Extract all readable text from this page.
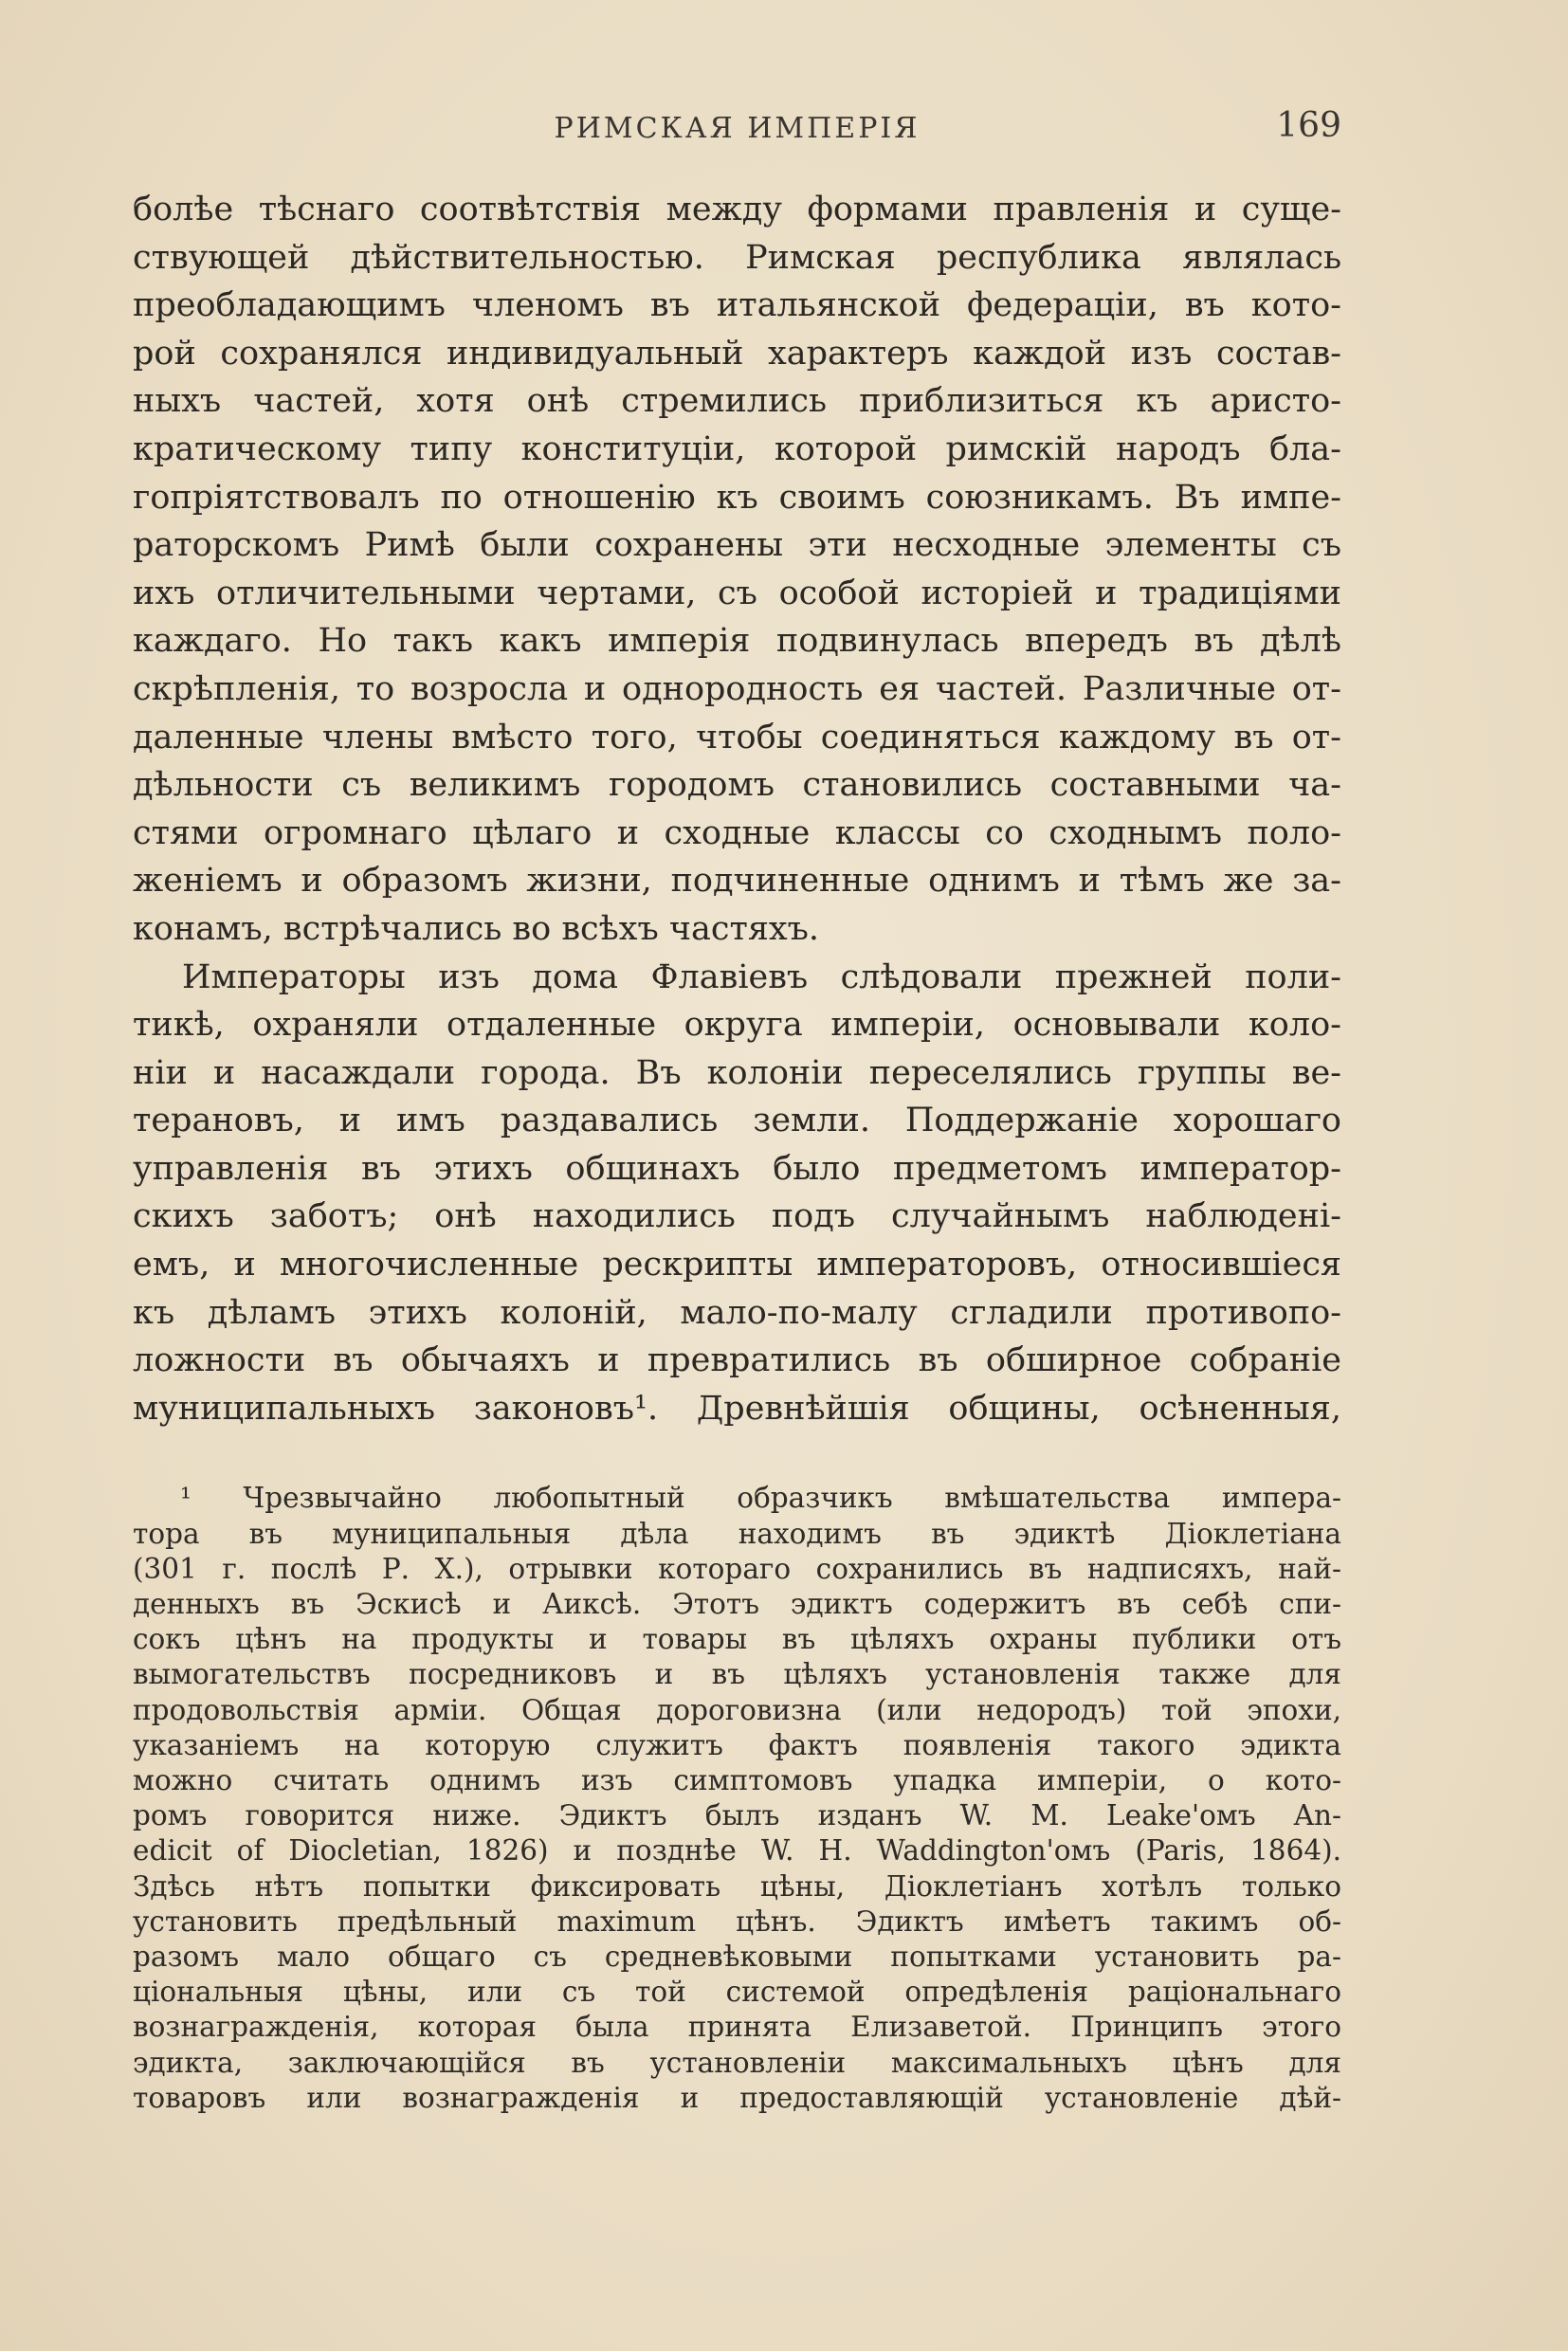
РИМСКАЯ ИМПЕРІЯ	169

болѣе тѣснаго соотвѣтствія между формами правленія и суще-

ствующей дѣйствительностью. Римская республика являлась

преобладающимъ членомъ въ итальянской федераціи, въ кото-

рой сохранялся индивидуальный характеръ каждой изъ состав-

ныхъ частей, хотя онѣ стремились приблизиться къ аристо-

кратическому типу конституціи, которой римскій народъ бла-

гопріятствовалъ по отношенію къ своимъ союзникамъ. Въ импе-

раторскомъ Римѣ были сохранены эти несходные элементы съ

ихъ отличительными чертами, съ особой исторіей и традиціями

каждаго. Но такъ какъ имперія подвинулась впередъ въ дѣлѣ

скрѣпленія, то возросла и однородность ея частей. Различные от-

даленные члены вмѣсто того, чтобы соединяться каждому въ от-

дѣльности съ великимъ городомъ становились составными ча-

стями огромнаго цѣлаго и сходные классы со сходнымъ поло-

женіемъ и образомъ жизни, подчиненные однимъ и тѣмъ же за-

конамъ, встрѣчались во всѣхъ частяхъ.

Императоры изъ дома Флавіевъ слѣдовали прежней поли-

тикѣ, охраняли отдаленные округа имперіи, основывали коло-

ніи и насаждали города. Въ колоніи переселялись группы ве-

терановъ, и имъ раздавались земли. Поддержаніе хорошаго

управленія въ этихъ общинахъ было предметомъ император-

скихъ заботъ; онѣ находились подъ случайнымъ наблюдені-

емъ, и многочисленные рескрипты императоровъ, относившіеся

къ дѣламъ этихъ колоній, мало-по-малу сгладили противопо-

ложности въ обычаяхъ и превратились въ обширное собраніе

муниципальныхъ законовъ¹. Древнѣйшія общины, осѣненныя,

¹ Чрезвычайно любопытный образчикъ вмѣшательства импера-

тора въ муниципальныя дѣла находимъ въ эдиктѣ Діоклетіана

(301 г. послѣ Р. Х.), отрывки котораго сохранились въ надписяхъ, най-

денныхъ въ Эскисѣ и Аиксѣ. Этотъ эдиктъ содержитъ въ себѣ спи-

сокъ цѣнъ на продукты и товары въ цѣляхъ охраны публики отъ

вымогательствъ посредниковъ и въ цѣляхъ установленія также для

продовольствія арміи. Общая дороговизна (или недородъ) той эпохи,

указаніемъ на которую служитъ фактъ появленія такого эдикта

можно считать однимъ изъ симптомовъ упадка имперіи, о кото-

ромъ говорится ниже. Эдиктъ былъ изданъ W. M. Leake'омъ An-

edicit of Diocletian, 1826) и позднѣе W. H. Waddington'омъ (Paris, 1864).

Здѣсь нѣтъ попытки фиксировать цѣны, Діоклетіанъ хотѣлъ только

установить предѣльный maximum цѣнъ. Эдиктъ имѣетъ такимъ об-

разомъ мало общаго съ средневѣковыми попытками установить ра-

ціональныя цѣны, или съ той системой опредѣленія раціональнаго

вознагражденія, которая была принята Елизаветой. Принципъ этого

эдикта, заключающійся въ установленіи максимальныхъ цѣнъ для

товаровъ или вознагражденія и предоставляющій установленіе дѣй-
